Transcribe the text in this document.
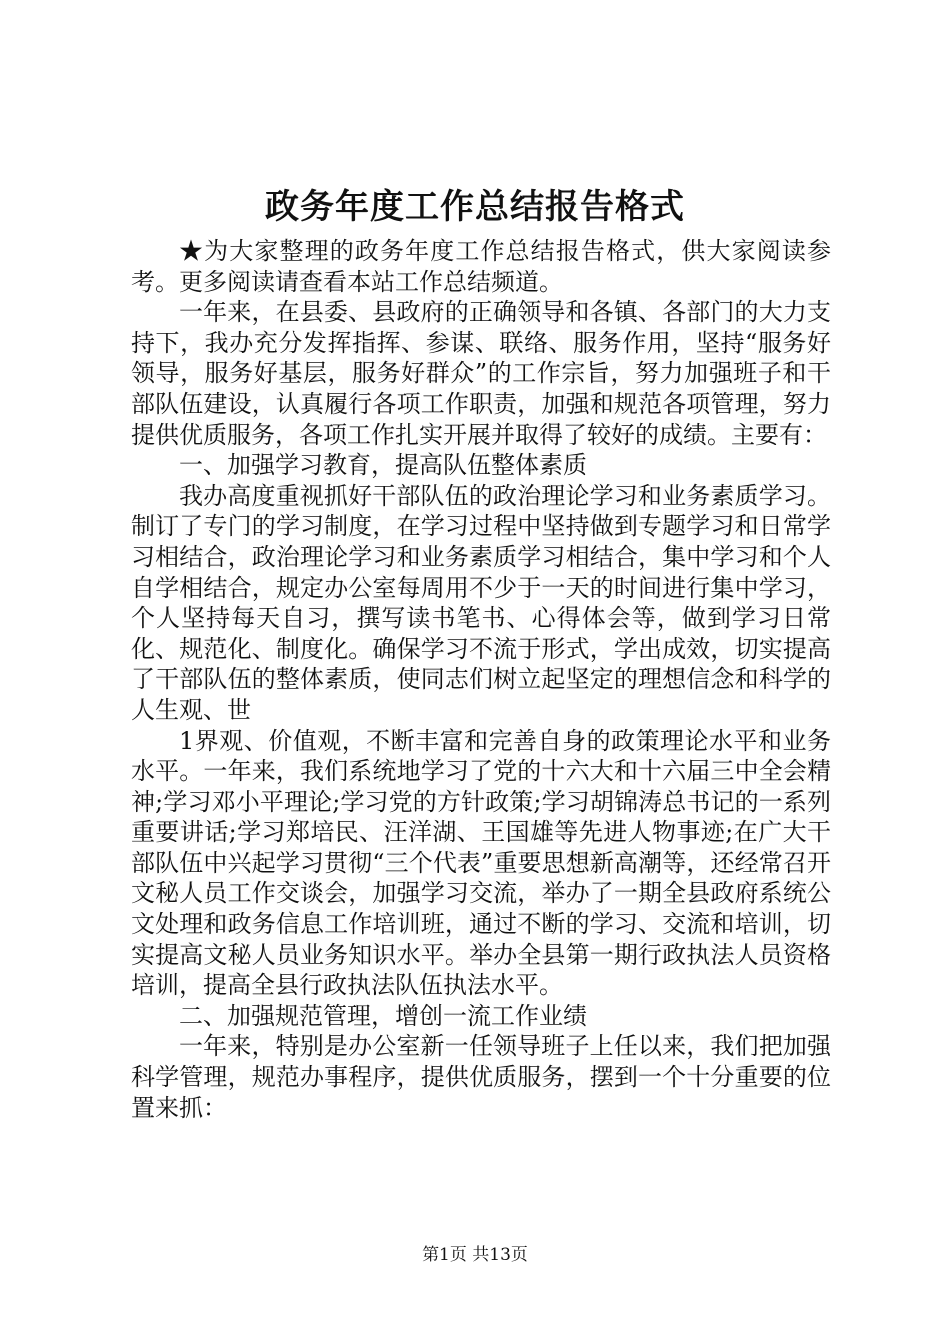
政务年度工作总结报告格式

★为大家整理的政务年度工作总结报告格式，供大家阅读参考。更多阅读请查看本站工作总结频道。

一年来，在县委、县政府的正确领导和各镇、各部门的大力支持下，我办充分发挥指挥、参谋、联络、服务作用，坚持“服务好领导，服务好基层，服务好群众”的工作宗旨，努力加强班子和干部队伍建设，认真履行各项工作职责，加强和规范各项管理，努力提供优质服务，各项工作扎实开展并取得了较好的成绩。主要有：

一、加强学习教育，提高队伍整体素质

我办高度重视抓好干部队伍的政治理论学习和业务素质学习。制订了专门的学习制度，在学习过程中坚持做到专题学习和日常学习相结合，政治理论学习和业务素质学习相结合，集中学习和个人自学相结合，规定办公室每周用不少于一天的时间进行集中学习，个人坚持每天自习，撰写读书笔书、心得体会等，做到学习日常化、规范化、制度化。确保学习不流于形式，学出成效，切实提高了干部队伍的整体素质，使同志们树立起坚定的理想信念和科学的人生观、世

1界观、价值观，不断丰富和完善自身的政策理论水平和业务水平。一年来，我们系统地学习了党的十六大和十六届三中全会精神;学习邓小平理论;学习党的方针政策;学习胡锦涛总书记的一系列重要讲话;学习郑培民、汪洋湖、王国雄等先进人物事迹;在广大干部队伍中兴起学习贯彻“三个代表”重要思想新高潮等，还经常召开文秘人员工作交谈会，加强学习交流，举办了一期全县政府系统公文处理和政务信息工作培训班，通过不断的学习、交流和培训，切实提高文秘人员业务知识水平。举办全县第一期行政执法人员资格培训，提高全县行政执法队伍执法水平。

二、加强规范管理，增创一流工作业绩

一年来，特别是办公室新一任领导班子上任以来，我们把加强科学管理，规范办事程序，提供优质服务，摆到一个十分重要的位置来抓：

第1页 共13页
